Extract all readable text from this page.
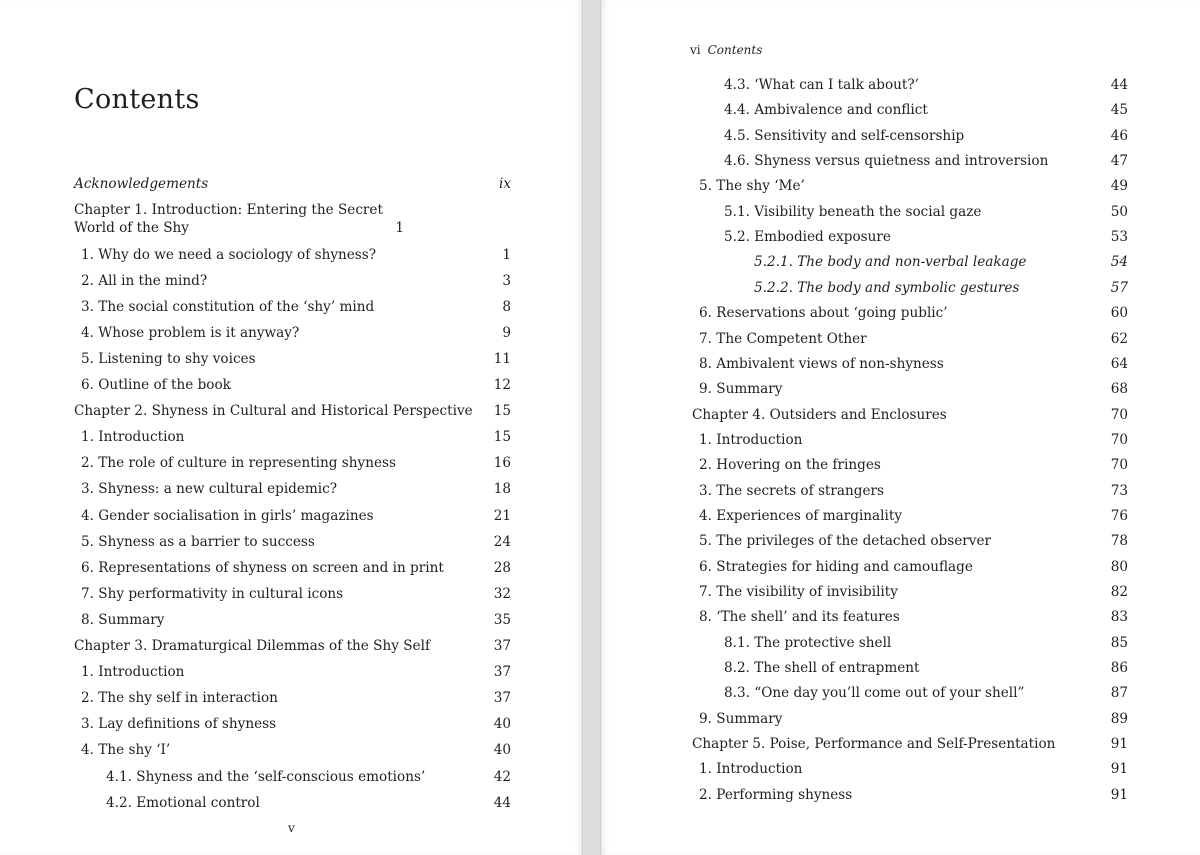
Contents
Acknowledgements	ix
Chapter 1. Introduction: Entering the Secret World of the Shy	1
1. Why do we need a sociology of shyness?	1
2. All in the mind?	3
3. The social constitution of the ‘shy’ mind	8
4. Whose problem is it anyway?	9
5. Listening to shy voices	11
6. Outline of the book	12
Chapter 2. Shyness in Cultural and Historical Perspective 15
1. Introduction	15
2. The role of culture in representing shyness	16
3. Shyness: a new cultural epidemic?	18
4. Gender socialisation in girls’ magazines	21
5. Shyness as a barrier to success	24
6. Representations of shyness on screen and in print	28
7. Shy performativity in cultural icons	32
8. Summary	35
Chapter 3. Dramaturgical Dilemmas of the Shy Self	37
1. Introduction	37
2. The shy self in interaction	37
3. Lay definitions of shyness	40
4. The shy ‘I’	40
4.1. Shyness and the ‘self-conscious emotions’	42
4.2. Emotional control	44
v
vi Contents
4.3. ‘What can I talk about?’	44
4.4. Ambivalence and conflict	45
4.5. Sensitivity and self-censorship	46
4.6. Shyness versus quietness and introversion	47
5. The shy ‘Me’	49
5.1. Visibility beneath the social gaze	50
5.2. Embodied exposure	53
5.2.1. The body and non-verbal leakage	54
5.2.2. The body and symbolic gestures	57
6. Reservations about ‘going public’	60
7. The Competent Other	62
8. Ambivalent views of non-shyness	64
9. Summary	68
Chapter 4. Outsiders and Enclosures	70
1. Introduction	70
2. Hovering on the fringes	70
3. The secrets of strangers	73
4. Experiences of marginality	76
5. The privileges of the detached observer	78
6. Strategies for hiding and camouflage	80
7. The visibility of invisibility	82
8. ‘The shell’ and its features	83
8.1. The protective shell	85
8.2. The shell of entrapment	86
8.3. “One day you’ll come out of your shell”	87
9. Summary	89
Chapter 5. Poise, Performance and Self-Presentation	91
1. Introduction	91
2. Performing shyness	91
